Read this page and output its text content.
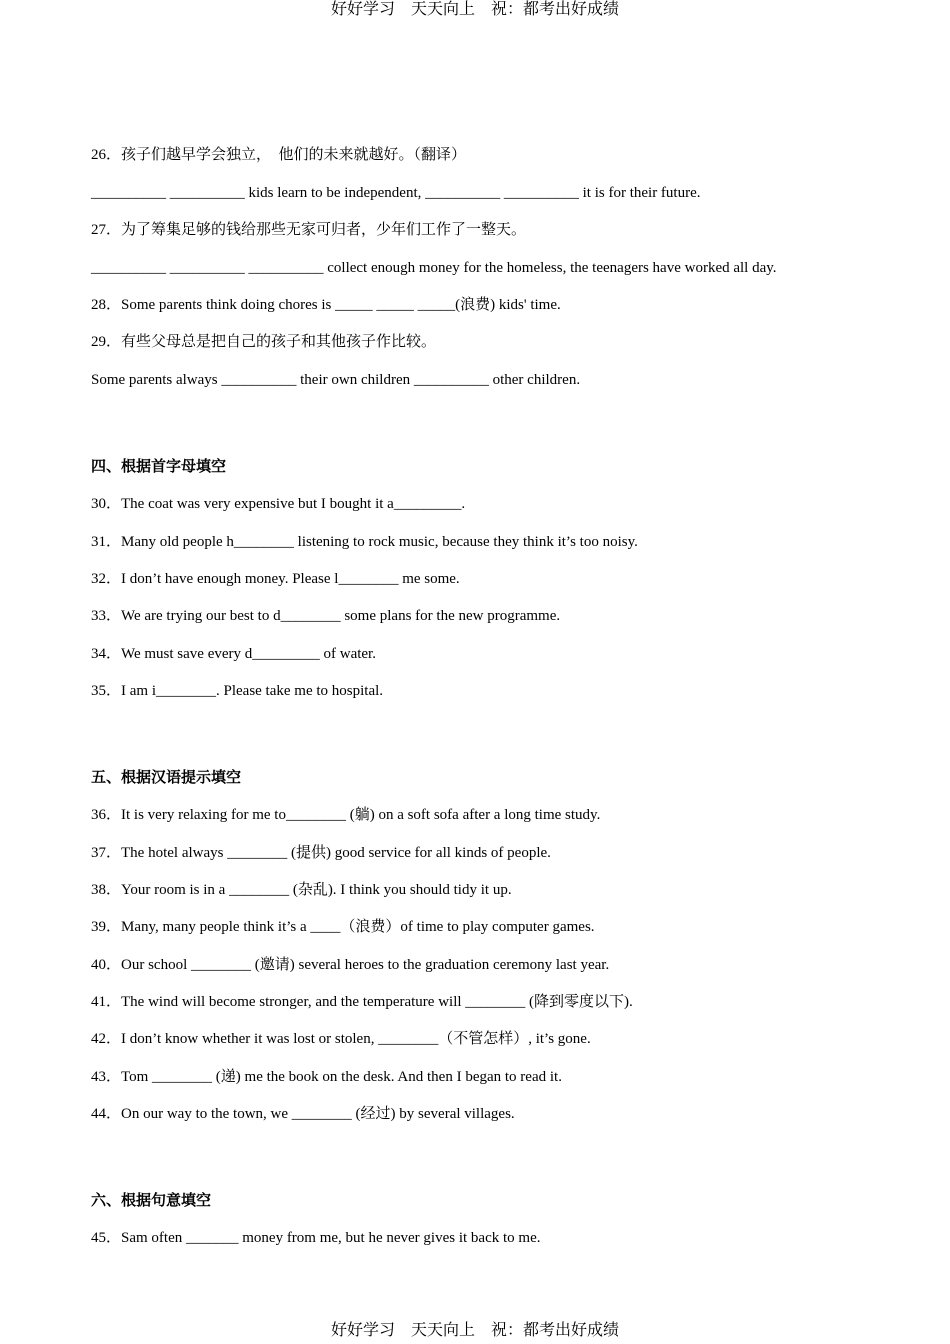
好好学习　天天向上　祝：都考出好成绩
26．孩子们越早学会独立，  他们的未来就越好。（翻译）
__________ __________ kids learn to be independent, __________ __________ it is for their future.
27．为了筹集足够的钱给那些无家可归者，少年们工作了一整天。
__________ __________ __________ collect enough money for the homeless, the teenagers have worked all day.
28．Some parents think doing chores is _____ _____ _____(浪费) kids' time.
29．有些父母总是把自己的孩子和其他孩子作比较。
Some parents always __________ their own children __________ other children.
四、根据首字母填空
30．The coat was very expensive but I bought it a_________.
31．Many old people h________ listening to rock music, because they think it’s too noisy.
32．I don’t have enough money. Please l________ me some.
33．We are trying our best to d________ some plans for the new programme.
34．We must save every d_________ of water.
35．I am i________. Please take me to hospital.
五、根据汉语提示填空
36．It is very relaxing for me to________ (躺) on a soft sofa after a long time study.
37．The hotel always ________ (提供) good service for all kinds of people.
38．Your room is in a ________ (杂乱). I think you should tidy it up.
39．Many, many people think it’s a ____（浪费）of time to play computer games.
40．Our school ________ (邀请) several heroes to the graduation ceremony last year.
41．The wind will become stronger, and the temperature will ________ (降到零度以下).
42．I don’t know whether it was lost or stolen, ________（不管怎样）, it’s gone.
43．Tom ________ (递) me the book on the desk. And then I began to read it.
44．On our way to the town, we ________ (经过) by several villages.
六、根据句意填空
45．Sam often _______ money from me, but he never gives it back to me.
好好学习　天天向上　祝：都考出好成绩
